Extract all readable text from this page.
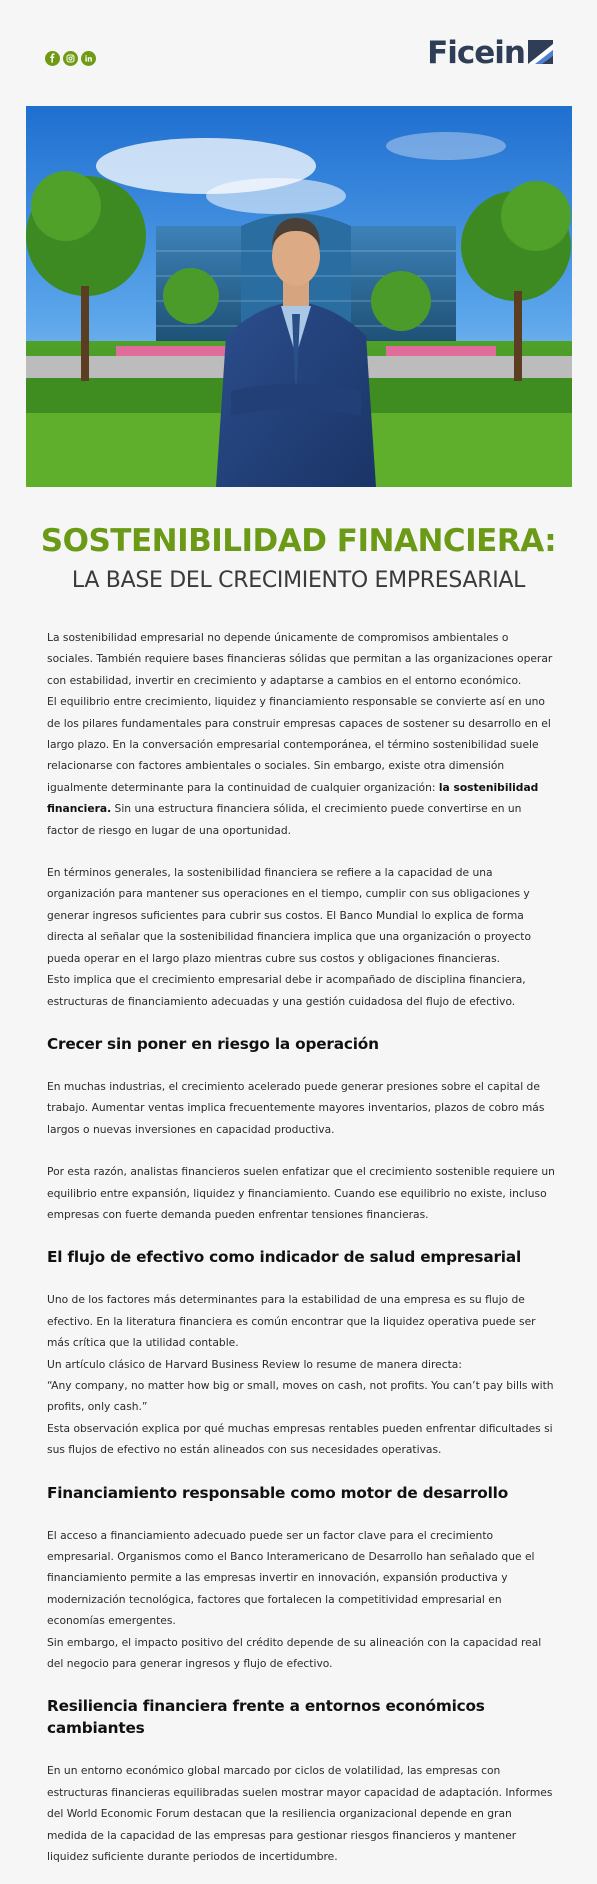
Ficein
SOSTENIBILIDAD FINANCIERA:

LA BASE DEL CRECIMIENTO EMPRESARIAL

La sostenibilidad empresarial no depende únicamente de compromisos ambientales o sociales. También requiere bases financieras sólidas que permitan a las organizaciones operar con estabilidad, invertir en crecimiento y adaptarse a cambios en el entorno económico.

El equilibrio entre crecimiento, liquidez y financiamiento responsable se convierte así en uno de los pilares fundamentales para construir empresas capaces de sostener su desarrollo en el largo plazo. En la conversación empresarial contemporánea, el término sostenibilidad suele relacionarse con factores ambientales o sociales. Sin embargo, existe otra dimensión igualmente determinante para la continuidad de cualquier organización: la sostenibilidad financiera. Sin una estructura financiera sólida, el crecimiento puede convertirse en un factor de riesgo en lugar de una oportunidad.

En términos generales, la sostenibilidad financiera se refiere a la capacidad de una organización para mantener sus operaciones en el tiempo, cumplir con sus obligaciones y generar ingresos suficientes para cubrir sus costos. El Banco Mundial lo explica de forma directa al señalar que la sostenibilidad financiera implica que una organización o proyecto pueda operar en el largo plazo mientras cubre sus costos y obligaciones financieras.

Esto implica que el crecimiento empresarial debe ir acompañado de disciplina financiera, estructuras de financiamiento adecuadas y una gestión cuidadosa del flujo de efectivo.

Crecer sin poner en riesgo la operación

En muchas industrias, el crecimiento acelerado puede generar presiones sobre el capital de trabajo. Aumentar ventas implica frecuentemente mayores inventarios, plazos de cobro más largos o nuevas inversiones en capacidad productiva.

Por esta razón, analistas financieros suelen enfatizar que el crecimiento sostenible requiere un equilibrio entre expansión, liquidez y financiamiento. Cuando ese equilibrio no existe, incluso empresas con fuerte demanda pueden enfrentar tensiones financieras.

El flujo de efectivo como indicador de salud empresarial

Uno de los factores más determinantes para la estabilidad de una empresa es su flujo de efectivo. En la literatura financiera es común encontrar que la liquidez operativa puede ser más crítica que la utilidad contable.

Un artículo clásico de Harvard Business Review lo resume de manera directa:

“Any company, no matter how big or small, moves on cash, not profits. You can’t pay bills with profits, only cash.”

Esta observación explica por qué muchas empresas rentables pueden enfrentar dificultades si sus flujos de efectivo no están alineados con sus necesidades operativas.

Financiamiento responsable como motor de desarrollo

El acceso a financiamiento adecuado puede ser un factor clave para el crecimiento empresarial. Organismos como el Banco Interamericano de Desarrollo han señalado que el financiamiento permite a las empresas invertir en innovación, expansión productiva y modernización tecnológica, factores que fortalecen la competitividad empresarial en economías emergentes.

Sin embargo, el impacto positivo del crédito depende de su alineación con la capacidad real del negocio para generar ingresos y flujo de efectivo.

Resiliencia financiera frente a entornos económicos cambiantes

En un entorno económico global marcado por ciclos de volatilidad, las empresas con estructuras financieras equilibradas suelen mostrar mayor capacidad de adaptación. Informes del World Economic Forum destacan que la resiliencia organizacional depende en gran medida de la capacidad de las empresas para gestionar riesgos financieros y mantener liquidez suficiente durante periodos de incertidumbre.
